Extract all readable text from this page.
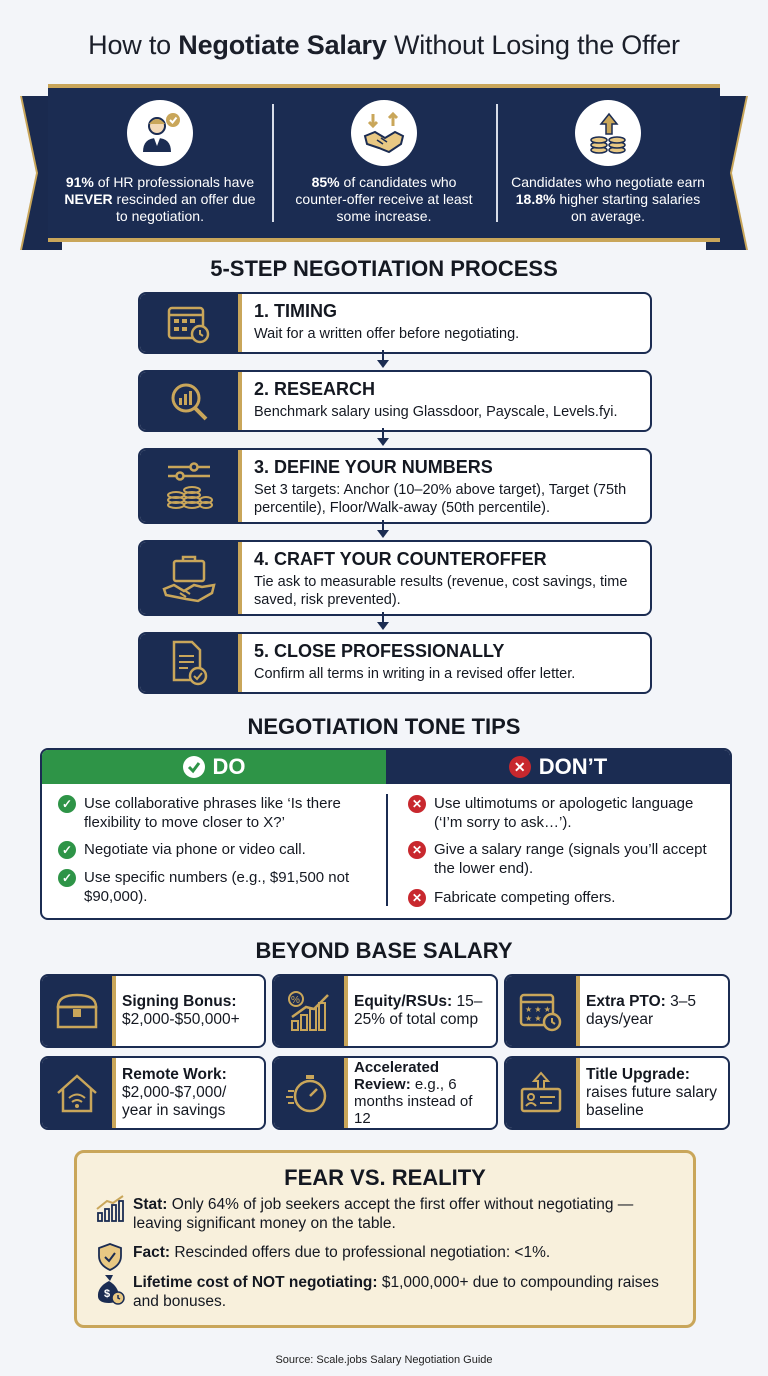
How to Negotiate Salary Without Losing the Offer
91% of HR professionals have NEVER rescinded an offer due to negotiation.
85% of candidates who counter-offer receive at least some increase.
Candidates who negotiate earn 18.8% higher starting salaries on average.
5-STEP NEGOTIATION PROCESS
1. TIMING
Wait for a written offer before negotiating.
2. RESEARCH
Benchmark salary using Glassdoor, Payscale, Levels.fyi.
3. DEFINE YOUR NUMBERS
Set 3 targets: Anchor (10–20% above target), Target (75th percentile), Floor/Walk-away (50th percentile).
4. CRAFT YOUR COUNTEROFFER
Tie ask to measurable results (revenue, cost savings, time saved, risk prevented).
5. CLOSE PROFESSIONALLY
Confirm all terms in writing in a revised offer letter.
NEGOTIATION TONE TIPS
DO	✕ DON’T
✓ Use collaborative phrases like ‘Is there flexibility to move closer to X?’
✓ Negotiate via phone or video call.
✓ Use specific numbers (e.g., $91,500 not $90,000).
✕ Use ultimotums or apologetic language (‘I’m sorry to ask…’).
✕ Give a salary range (signals you’ll accept the lower end).
✕ Fabricate competing offers.
BEYOND BASE SALARY
Signing Bonus: $2,000-$50,000+
%	Equity/RSUs: 15–25% of total comp
★ ★ ★
★ ★
Extra PTO: 3–5 days/year
Remote Work: $2,000-$7,000/ year in savings
Accelerated Review: e.g., 6 months instead of 12
Title Upgrade: raises future salary baseline
FEAR VS. REALITY
Stat: Only 64% of job seekers accept the first offer without negotiating — leaving significant money on the table.
Fact: Rescinded offers due to professional negotiation: <1%.
$
Lifetime cost of NOT negotiating: $1,000,000+ due to compounding raises and bonuses.
Source: Scale.jobs Salary Negotiation Guide
